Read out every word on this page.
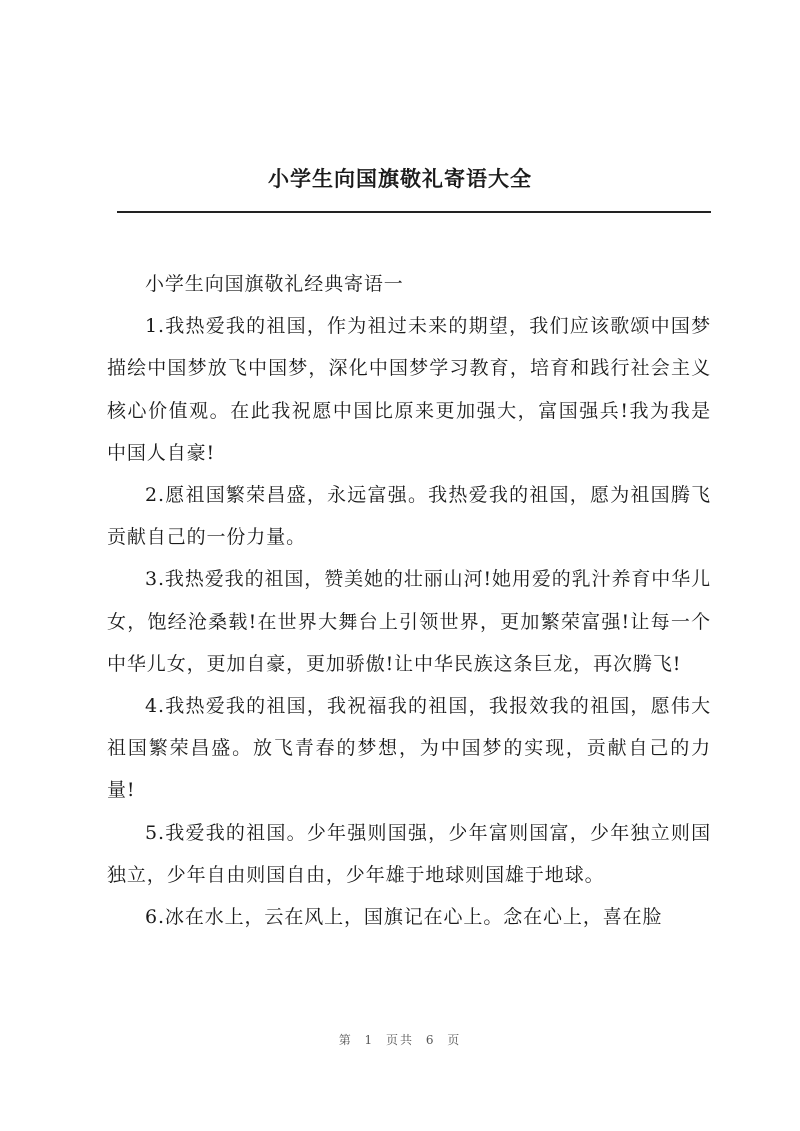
小学生向国旗敬礼寄语大全

小学生向国旗敬礼经典寄语一

1.我热爱我的祖国，作为祖过未来的期望，我们应该歌颂中国梦描绘中国梦放飞中国梦，深化中国梦学习教育，培育和践行社会主义核心价值观。在此我祝愿中国比原来更加强大，富国强兵!我为我是中国人自豪!

2.愿祖国繁荣昌盛，永远富强。我热爱我的祖国，愿为祖国腾飞贡献自己的一份力量。

3.我热爱我的祖国，赞美她的壮丽山河!她用爱的乳汁养育中华儿女，饱经沧桑载!在世界大舞台上引领世界，更加繁荣富强!让每一个中华儿女，更加自豪，更加骄傲!让中华民族这条巨龙，再次腾飞!

4.我热爱我的祖国，我祝福我的祖国，我报效我的祖国，愿伟大祖国繁荣昌盛。放飞青春的梦想，为中国梦的实现，贡献自己的力量!

5.我爱我的祖国。少年强则国强，少年富则国富，少年独立则国独立，少年自由则国自由，少年雄于地球则国雄于地球。

6.冰在水上，云在风上，国旗记在心上。念在心上，喜在脸

第 1 页共 6 页
